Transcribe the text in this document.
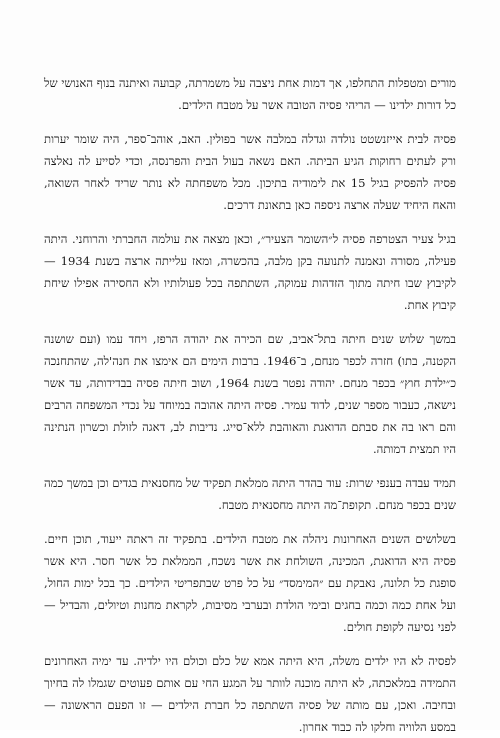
מורים ומטפלות התחלפו, אך דמות אחת ניצבה על משמרתה, קבועה ואיתנה בנוף האנושי של כל דורות ילדינו — הריהי פסיה הטובה אשר על מטבח הילדים.

פסיה לבית אייזנשטט נולדה וגדלה במלבה אשר בפולין. האב, אוהב־ספר, היה שומר יערות ורק לעתים רחוקות הגיע הביתה. האם נשאה בעול הבית והפרנסה, וכדי לסייע לה נאלצה פסיה להפסיק בגיל 15 את לימודיה בתיכון. מכל משפחתה לא נותר שריד לאחר השואה, והאח היחיד שעלה ארצה ניספה כאן בתאונת דרכים.

בגיל צעיר הצטרפה פסיה ל״השומר הצעיר״, וכאן מצאה את עולמה החברתי והרוחני. היתה פעילה, מסורה ונאמנה לתנועה בקן מלבה, בהכשרה, ומאז עלייתה ארצה בשנת 1934 — לקיבוץ שבו חיתה מתוך הזדהות עמוקה, השתתפה בכל פעולותיו ולא החסירה אפילו שיחת קיבוץ אחת.

במשך שלוש שנים חיתה בתל־אביב, שם הכירה את יהודה הרפז, ויחד עמו (ועם שושנה הקטנה, בתו) חזרה לכפר מנחם, ב־1946. ברבות הימים הם אימצו את חנה'לה, שהתחנכה כ״ילדת חוץ״ בכפר מנחם. יהודה נפטר בשנת 1964, ושוב חיתה פסיה בבדידותה, עד אשר נישאה, כעבור מספר שנים, לדוד עמיר. פסיה היתה אהובה במיוחד על נכדי המשפחה הרבים והם ראו בה את סבתם הדואגת והאוהבת ללא־סייג. נדיבות לב, דאגה לזולת וכשרון הנתינה היו תמצית דמותה.

תמיד עבדה בענפי שרות: עוד בהדר היתה ממלאת תפקיד של מחסנאית בגדים וכן במשך כמה שנים בכפר מנחם. תקופת־מה היתה מחסנאית מטבח.

בשלושים השנים האחרונות ניהלה את מטבח הילדים. בתפקיד זה ראתה ייעוד, תוכן חיים. פסיה היא הדואגת, המכינה, השולחת את אשר נשכח, הממלאת כל אשר חסר. היא אשר סופגת כל תלונה, נאבקת עם ״המימסד״ על כל פרט שבתפריטי הילדים. כך בכל ימות החול, ועל אחת כמה וכמה בחגים ובימי הולדת ובערבי מסיבות, לקראת מחנות וטיולים, והבדיל — לפני נסיעה לקופת חולים.

לפסיה לא היו ילדים משלה, היא היתה אמא של כלם וכולם היו ילדיה. עד ימיה האחרונים התמידה במלאכתה, לא היתה מוכנה לוותר על המגע החי עם אותם פעוטים שגמלו לה בחיוך ובחיבה. ואכן, עם מותה של פסיה השתתפה כל חברת הילדים — זו הפעם הראשונה — במסע הלוויה וחלקו לה כבוד אחרון.
